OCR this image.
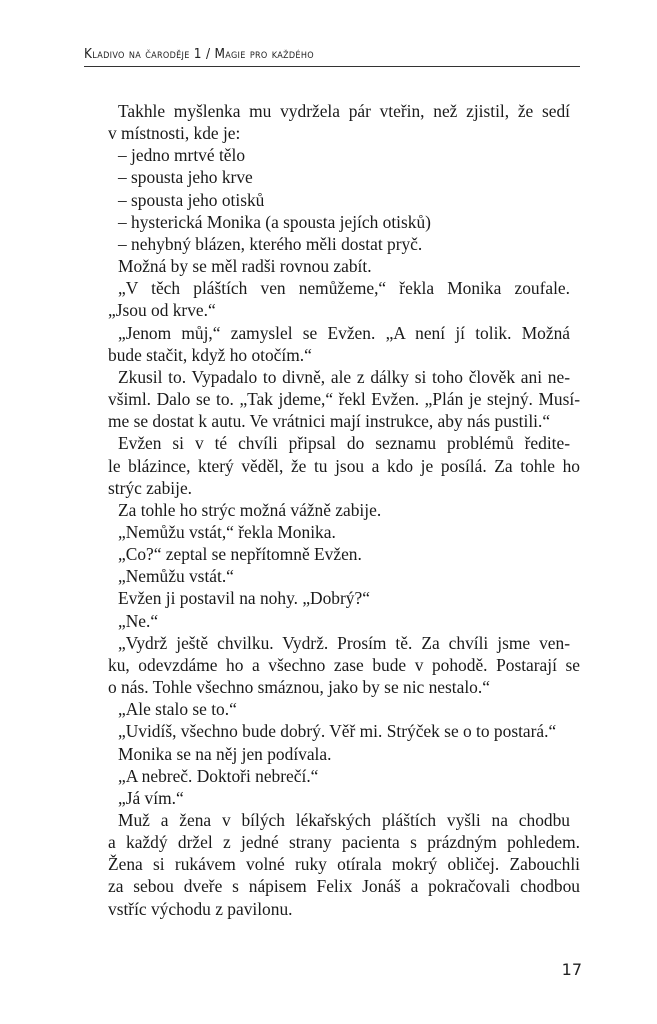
Kladivo na čaroděje 1 / Magie pro každého

Takhle myšlenka mu vydržela pár vteřin, než zjistil, že sedí
v místnosti, kde je:

– jedno mrtvé tělo

– spousta jeho krve

– spousta jeho otisků

– hysterická Monika (a spousta jejích otisků)

– nehybný blázen, kterého měli dostat pryč.

Možná by se měl radši rovnou zabít.

„V těch pláštích ven nemůžeme,“ řekla Monika zoufale.
„Jsou od krve.“

„Jenom můj,“ zamyslel se Evžen. „A není jí tolik. Možná
bude stačit, když ho otočím.“

Zkusil to. Vypadalo to divně, ale z dálky si toho člověk ani ne-
všiml. Dalo se to. „Tak jdeme,“ řekl Evžen. „Plán je stejný. Musí-
me se dostat k autu. Ve vrátnici mají instrukce, aby nás pustili.“

Evžen si v té chvíli připsal do seznamu problémů ředite-
le blázince, který věděl, že tu jsou a kdo je posílá. Za tohle ho
strýc zabije.

Za tohle ho strýc možná vážně zabije.

„Nemůžu vstát,“ řekla Monika.

„Co?“ zeptal se nepřítomně Evžen.

„Nemůžu vstát.“

Evžen ji postavil na nohy. „Dobrý?“

„Ne.“

„Vydrž ještě chvilku. Vydrž. Prosím tě. Za chvíli jsme ven-
ku, odevzdáme ho a všechno zase bude v pohodě. Postarají se
o nás. Tohle všechno smáznou, jako by se nic nestalo.“

„Ale stalo se to.“

„Uvidíš, všechno bude dobrý. Věř mi. Strýček se o to postará.“

Monika se na něj jen podívala.

„A nebreč. Doktoři nebrečí.“

„Já vím.“

Muž a žena v bílých lékařských pláštích vyšli na chodbu
a každý držel z jedné strany pacienta s prázdným pohledem.
Žena si rukávem volné ruky otírala mokrý obličej. Zabouchli
za sebou dveře s nápisem Felix Jonáš a pokračovali chodbou
vstříc východu z pavilonu.

17
